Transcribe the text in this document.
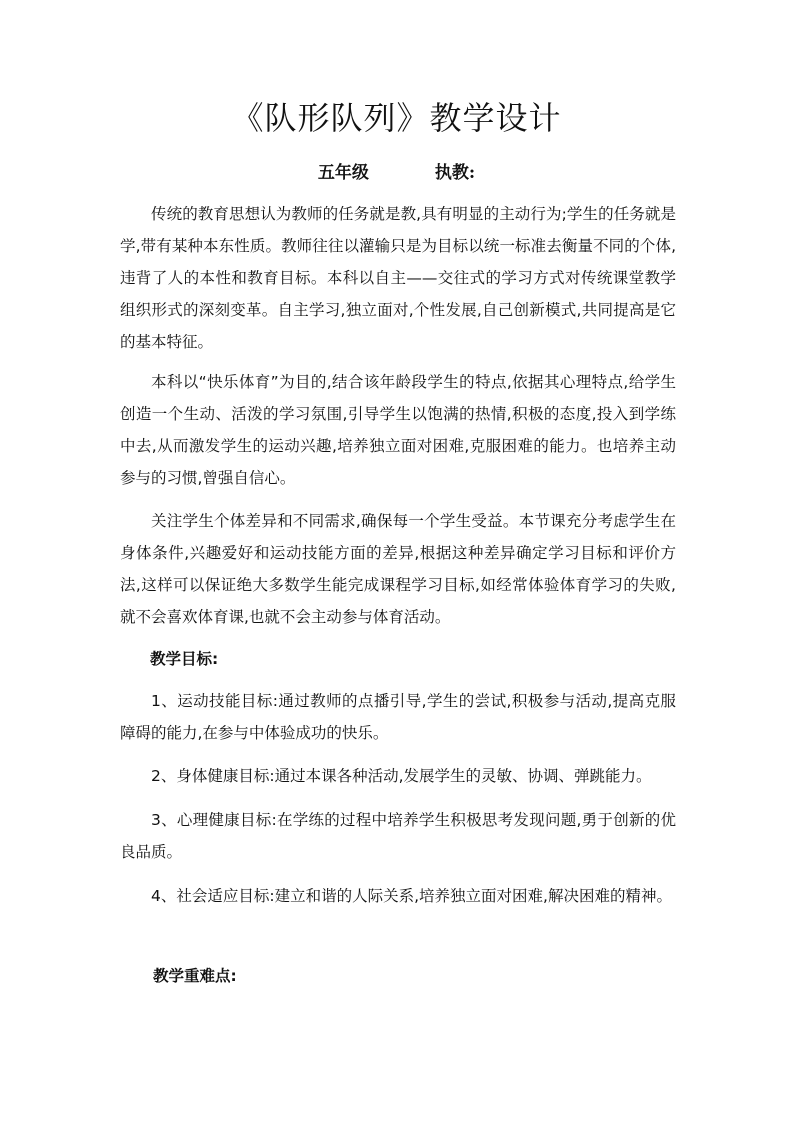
《队形队列》教学设计
五年级	执教:

传统的教育思想认为教师的任务就是教,具有明显的主动行为;学生的任务就是学,带有某种本东性质。教师往往以灌输只是为目标以统一标准去衡量不同的个体,违背了人的本性和教育目标。本科以自主——交往式的学习方式对传统课堂教学组织形式的深刻变革。自主学习,独立面对,个性发展,自己创新模式,共同提高是它的基本特征。

本科以“快乐体育”为目的,结合该年龄段学生的特点,依据其心理特点,给学生创造一个生动、活泼的学习氛围,引导学生以饱满的热情,积极的态度,投入到学练中去,从而激发学生的运动兴趣,培养独立面对困难,克服困难的能力。也培养主动参与的习惯,曾强自信心。

关注学生个体差异和不同需求,确保每一个学生受益。本节课充分考虑学生在身体条件,兴趣爱好和运动技能方面的差异,根据这种差异确定学习目标和评价方法,这样可以保证绝大多数学生能完成课程学习目标,如经常体验体育学习的失败,就不会喜欢体育课,也就不会主动参与体育活动。

教学目标:

1、运动技能目标:通过教师的点播引导,学生的尝试,积极参与活动,提高克服障碍的能力,在参与中体验成功的快乐。

2、身体健康目标:通过本课各种活动,发展学生的灵敏、协调、弹跳能力。

3、心理健康目标:在学练的过程中培养学生积极思考发现问题,勇于创新的优良品质。

4、社会适应目标:建立和谐的人际关系,培养独立面对困难,解决困难的精神。

教学重难点:
